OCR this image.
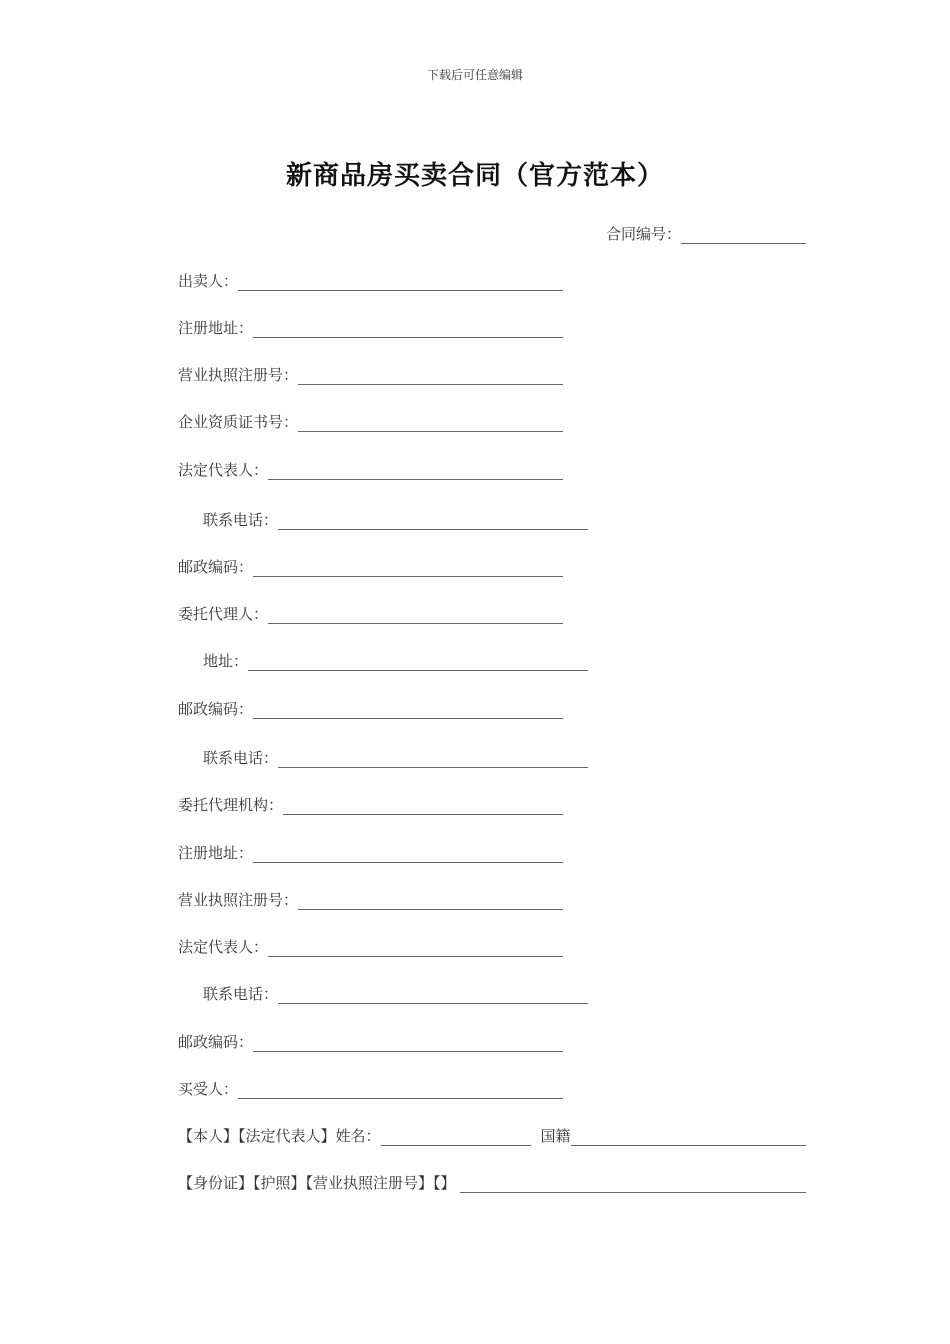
下载后可任意编辑
新商品房买卖合同（官方范本）
合同编号：
出卖人：
注册地址：
营业执照注册号：
企业资质证书号：
法定代表人：
联系电话：
邮政编码：
委托代理人：
地址：
邮政编码：
联系电话：
委托代理机构：
注册地址：
营业执照注册号：
法定代表人：
联系电话：
邮政编码：
买受人：
【本人】【法定代表人】姓名：	国籍
【身份证】【护照】【营业执照注册号】【】
